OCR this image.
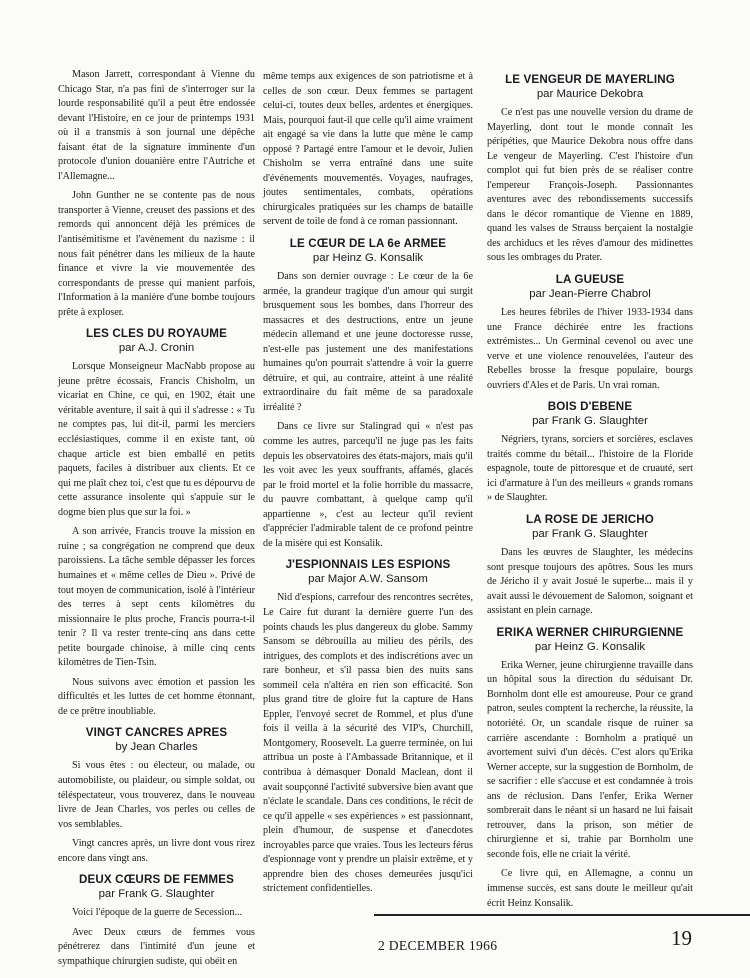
Mason Jarrett, correspondant à Vienne du Chicago Star, n'a pas fini de s'interroger sur la lourde responsabilité qu'il a peut être endossée devant l'Histoire, en ce jour de printemps 1931 où il a transmis à son journal une dépêche faisant état de la signature imminente d'un protocole d'union douanière entre l'Autriche et l'Allemagne...

John Gunther ne se contente pas de nous transporter à Vienne, creuset des passions et des remords qui annoncent déjà les prémices de l'antisémitisme et l'avènement du nazisme : il nous fait pénétrer dans les milieux de la haute finance et vivre la vie mouvementée des correspondants de presse qui manient parfois, l'Information à la manière d'une bombe toujours prête à exploser.

LES CLES DU ROYAUME
par A.J. Cronin

Lorsque Monseigneur MacNabb propose au jeune prêtre écossais, Francis Chisholm, un vicariat en Chine, ce qui, en 1902, était une véritable aventure, il sait à qui il s'adresse : « Tu ne comptes pas, lui dit-il, parmi les merciers ecclésiastiques, comme il en existe tant, où chaque article est bien emballé en petits paquets, faciles à distribuer aux clients. Et ce qui me plaît chez toi, c'est que tu es dépourvu de cette assurance insolente qui s'appuie sur le dogme bien plus que sur la foi. »

A son arrivée, Francis trouve la mission en ruine ; sa congrégation ne comprend que deux paroissiens. La tâche semble dépasser les forces humaines et « même celles de Dieu ». Privé de tout moyen de communication, isolé à l'intérieur des terres à sept cents kilomètres du missionnaire le plus proche, Francis pourra-t-il tenir ? Il va rester trente-cinq ans dans cette petite bourgade chinoise, à mille cinq cents kilomètres de Tien-Tsin.

Nous suivons avec émotion et passion les difficultés et les luttes de cet homme étonnant, de ce prêtre inoubliable.

VINGT CANCRES APRES
by Jean Charles

Si vous êtes : ou électeur, ou malade, ou automobiliste, ou plaideur, ou simple soldat, ou téléspectateur, vous trouverez, dans le nouveau livre de Jean Charles, vos perles ou celles de vos semblables.

Vingt cancres après, un livre dont vous rirez encore dans vingt ans.

DEUX CŒURS DE FEMMES
par Frank G. Slaughter

Voici l'époque de la guerre de Secession...

Avec Deux cœurs de femmes vous pénétrerez dans l'intimité d'un jeune et sympathique chirurgien sudiste, qui obéit en

même temps aux exigences de son patriotisme et à celles de son cœur. Deux femmes se partagent celui-ci, toutes deux belles, ardentes et énergiques. Mais, pourquoi faut-il que celle qu'il aime vraiment ait engagé sa vie dans la lutte que mène le camp opposé ? Partagé entre l'amour et le devoir, Julien Chisholm se verra entraîné dans une suite d'événements mouvementés. Voyages, naufrages, joutes sentimentales, combats, opérations chirurgicales pratiquées sur les champs de bataille servent de toile de fond à ce roman passionnant.

LE CŒUR DE LA 6e ARMEE
par Heinz G. Konsalik

Dans son dernier ouvrage : Le cœur de la 6e armée, la grandeur tragique d'un amour qui surgit brusquement sous les bombes, dans l'horreur des massacres et des destructions, entre un jeune médecin allemand et une jeune doctoresse russe, n'est-elle pas justement une des manifestations humaines qu'on pourrait s'attendre à voir la guerre détruire, et qui, au contraire, atteint à une réalité extraordinaire du fait même de sa paradoxale irréalité ?

Dans ce livre sur Stalingrad qui « n'est pas comme les autres, parcequ'il ne juge pas les faits depuis les observatoires des états-majors, mais qu'il les voit avec les yeux souffrants, affamés, glacés par le froid mortel et la folie horrible du massacre, du pauvre combattant, à quelque camp qu'il appartienne », c'est au lecteur qu'il revient d'apprécier l'admirable talent de ce profond peintre de la misère qui est Konsalik.

J'ESPIONNAIS LES ESPIONS
par Major A.W. Sansom

Nid d'espions, carrefour des rencontres secrètes, Le Caire fut durant la dernière guerre l'un des points chauds les plus dangereux du globe. Sammy Sansom se débrouilla au milieu des périls, des intrigues, des complots et des indiscrétions avec un rare bonheur, et s'il passa bien des nuits sans sommeil cela n'altéra en rien son efficacité. Son plus grand titre de gloire fut la capture de Hans Eppler, l'envoyé secret de Rommel, et plus d'une fois il veilla à la sécurité des VIP's, Churchill, Montgomery, Roosevelt. La guerre terminée, on lui attribua un poste à l'Ambassade Britannique, et il contribua à démasquer Donald Maclean, dont il avait soupçonné l'activité subversive bien avant que n'éclate le scandale. Dans ces conditions, le récit de ce qu'il appelle « ses expériences » est passionnant, plein d'humour, de suspense et d'anecdotes incroyables parce que vraies. Tous les lecteurs férus d'espionnage vont y prendre un plaisir extrême, et y apprendre bien des choses demeurées jusqu'ici strictement confidentielles.

LE VENGEUR DE MAYERLING
par Maurice Dekobra

Ce n'est pas une nouvelle version du drame de Mayerling, dont tout le monde connaît les péripéties, que Maurice Dekobra nous offre dans Le vengeur de Mayerling. C'est l'histoire d'un complot qui fut bien près de se réaliser contre l'empereur François-Joseph. Passionnantes aventures avec des rebondissements successifs dans le décor romantique de Vienne en 1889, quand les valses de Strauss berçaient la nostalgie des archiducs et les rêves d'amour des midinettes sous les ombrages du Prater.

LA GUEUSE
par Jean-Pierre Chabrol

Les heures fébriles de l'hiver 1933-1934 dans une France déchirée entre les fractions extrémistes... Un Germinal cevenol ou avec une verve et une violence renouvelées, l'auteur des Rebelles brosse la fresque populaire, bourgs ouvriers d'Ales et de Paris. Un vrai roman.

BOIS D'EBENE
par Frank G. Slaughter

Négriers, tyrans, sorciers et sorcières, esclaves traités comme du bétail... l'histoire de la Floride espagnole, toute de pittoresque et de cruauté, sert ici d'armature à l'un des meilleurs « grands romans » de Slaughter.

LA ROSE DE JERICHO
par Frank G. Slaughter

Dans les œuvres de Slaughter, les médecins sont presque toujours des apôtres. Sous les murs de Jéricho il y avait Josué le superbe... mais il y avait aussi le dévouement de Salomon, soignant et assistant en plein carnage.

ERIKA WERNER CHIRURGIENNE
par Heinz G. Konsalik

Erika Werner, jeune chirurgienne travaille dans un hôpital sous la direction du séduisant Dr. Bornholm dont elle est amoureuse. Pour ce grand patron, seules comptent la recherche, la réussite, la notoriété. Or, un scandale risque de ruiner sa carrière ascendante : Bornholm a pratiqué un avortement suivi d'un décès. C'est alors qu'Erika Werner accepte, sur la suggestion de Bornholm, de se sacrifier : elle s'accuse et est condamnée à trois ans de réclusion. Dans l'enfer, Erika Werner sombrerait dans le néant si un hasard ne lui faisait retrouver, dans la prison, son métier de chirurgienne et si, trahie par Bornholm une seconde fois, elle ne criait la vérité.

Ce livre qui, en Allemagne, a connu un immense succès, est sans doute le meilleur qu'ait écrit Heinz Konsalik.

2 DECEMBER 1966	19
